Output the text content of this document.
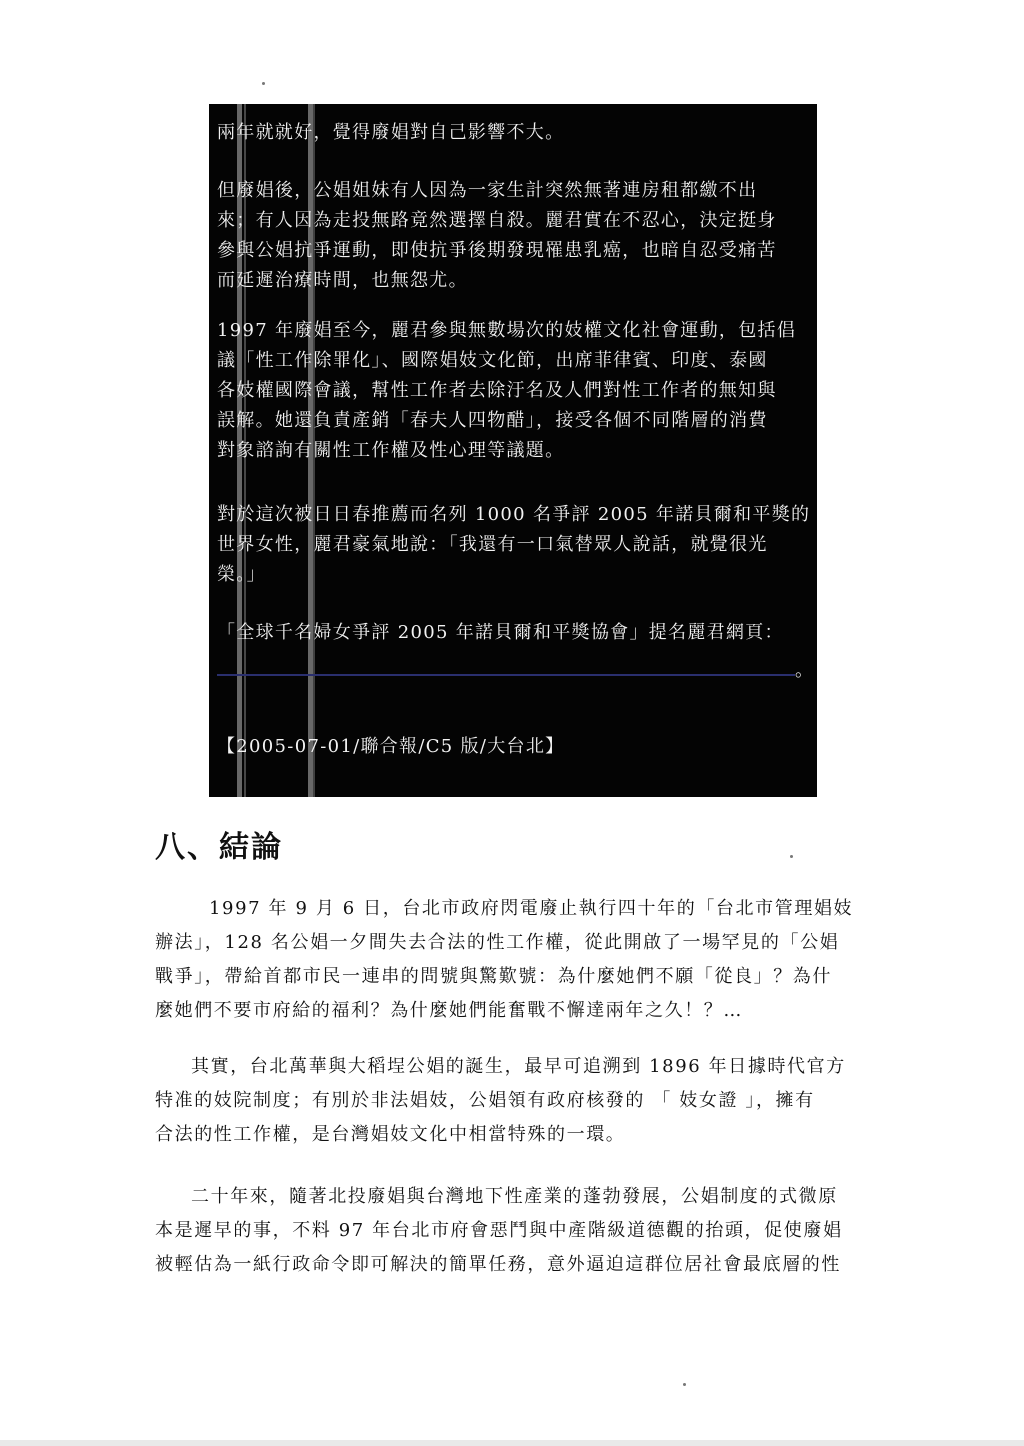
兩年就就好，覺得廢娼對自己影響不大。

但廢娼後，公娼姐妹有人因為一家生計突然無著連房租都繳不出
來；有人因為走投無路竟然選擇自殺。麗君實在不忍心，決定挺身
參與公娼抗爭運動，即使抗爭後期發現罹患乳癌，也暗自忍受痛苦
而延遲治療時間，也無怨尤。

1997 年廢娼至今，麗君參與無數場次的妓權文化社會運動，包括倡
議「性工作除罪化」、國際娼妓文化節，出席菲律賓、印度、泰國
各妓權國際會議，幫性工作者去除汙名及人們對性工作者的無知與
誤解。她還負責產銷「春夫人四物醋」，接受各個不同階層的消費
對象諮詢有關性工作權及性心理等議題。

對於這次被日日春推薦而名列 1000 名爭評 2005 年諾貝爾和平獎的
世界女性，麗君豪氣地說：「我還有一口氣替眾人說話，就覺很光
榮。」

「全球千名婦女爭評 2005 年諾貝爾和平獎協會」提名麗君網頁：

。

【2005-07-01/聯合報/C5 版/大台北】

八、結論

1997 年 9 月 6 日，台北市政府閃電廢止執行四十年的「台北市管理娼妓
辦法」，128 名公娼一夕間失去合法的性工作權，從此開啟了一場罕見的「公娼
戰爭」，帶給首都市民一連串的問號與驚歎號：為什麼她們不願「從良」？為什
麼她們不要市府給的福利？為什麼她們能奮戰不懈達兩年之久！？…

其實，台北萬華與大稻埕公娼的誕生，最早可追溯到 1896 年日據時代官方
特准的妓院制度；有別於非法娼妓，公娼領有政府核發的 「 妓女證 」，擁有
合法的性工作權，是台灣娼妓文化中相當特殊的一環。

二十年來，隨著北投廢娼與台灣地下性產業的蓬勃發展，公娼制度的式微原
本是遲早的事，不料 97 年台北市府會惡鬥與中產階級道德觀的抬頭，促使廢娼
被輕估為一紙行政命令即可解決的簡單任務，意外逼迫這群位居社會最底層的性
